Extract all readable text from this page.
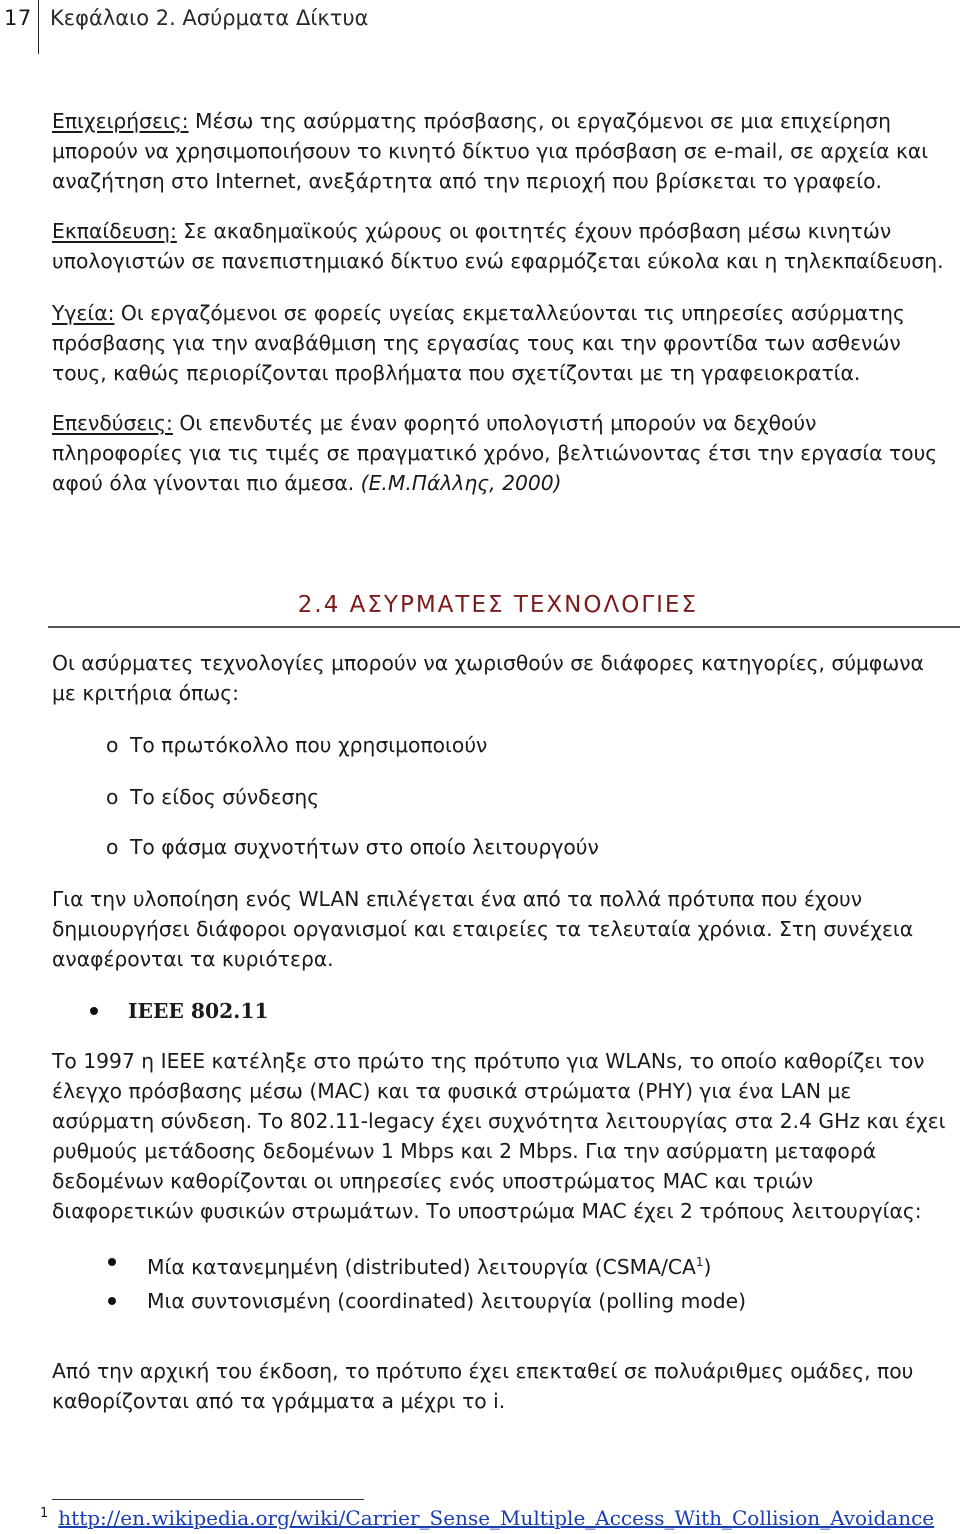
17 Κεφάλαιο 2. Ασύρματα Δίκτυα
Επιχειρήσεις: Μέσω της ασύρματης πρόσβασης, οι εργαζόμενοι σε μια επιχείρηση
μπορούν να χρησιμοποιήσουν το κινητό δίκτυο για πρόσβαση σε e-mail, σε αρχεία και
αναζήτηση στο Internet, ανεξάρτητα από την περιοχή που βρίσκεται το γραφείο.
Εκπαίδευση: Σε ακαδημαϊκούς χώρους οι φοιτητές έχουν πρόσβαση μέσω κινητών
υπολογιστών σε πανεπιστημιακό δίκτυο ενώ εφαρμόζεται εύκολα και η τηλεκπαίδευση.
Υγεία: Οι εργαζόμενοι σε φορείς υγείας εκμεταλλεύονται τις υπηρεσίες ασύρματης
πρόσβασης για την αναβάθμιση της εργασίας τους και την φροντίδα των ασθενών
τους, καθώς περιορίζονται προβλήματα που σχετίζονται με τη γραφειοκρατία.
Επενδύσεις: Οι επενδυτές με έναν φορητό υπολογιστή μπορούν να δεχθούν
πληροφορίες για τις τιμές σε πραγματικό χρόνο, βελτιώνοντας έτσι την εργασία τους
αφού όλα γίνονται πιο άμεσα. (Ε.Μ.Πάλλης, 2000)
2.4 ΑΣΥΡΜΑΤΕΣ ΤΕΧΝΟΛΟΓΙΕΣ
Οι ασύρματες τεχνολογίες μπορούν να χωρισθούν σε διάφορες κατηγορίες, σύμφωνα
με κριτήρια όπως:
o Το πρωτόκολλο που χρησιμοποιούν
o Το είδος σύνδεσης
o Το φάσμα συχνοτήτων στο οποίο λειτουργούν
Για την υλοποίηση ενός WLAN επιλέγεται ένα από τα πολλά πρότυπα που έχουν
δημιουργήσει διάφοροι οργανισμοί και εταιρείες τα τελευταία χρόνια. Στη συνέχεια
αναφέρονται τα κυριότερα.
IEEE 802.11
Το 1997 η IEEE κατέληξε στο πρώτο της πρότυπο για WLANs, το οποίο καθορίζει τον
έλεγχο πρόσβασης μέσω (MAC) και τα φυσικά στρώματα (PHY) για ένα LAN με
ασύρματη σύνδεση. Το 802.11-legacy έχει συχνότητα λειτουργίας στα 2.4 GHz και έχει
ρυθμούς μετάδοσης δεδομένων 1 Mbps και 2 Mbps. Για την ασύρματη μεταφορά
δεδομένων καθορίζονται οι υπηρεσίες ενός υποστρώματος MAC και τριών
διαφορετικών φυσικών στρωμάτων. Το υποστρώμα MAC έχει 2 τρόπους λειτουργίας:
Μία κατανεμημένη (distributed) λειτουργία $(CSMA/CA^1)$
Μια συντονισμένη (coordinated) λειτουργία (polling mode)
Από την αρχική του έκδοση, το πρότυπο έχει επεκταθεί σε πολυάριθμες ομάδες, που
καθορίζονται από τα γράμματα a μέχρι το i.
$^1$ http://en.wikipedia.org/wiki/Carrier_Sense_Multiple_Access_With_Collision_Avoidance
